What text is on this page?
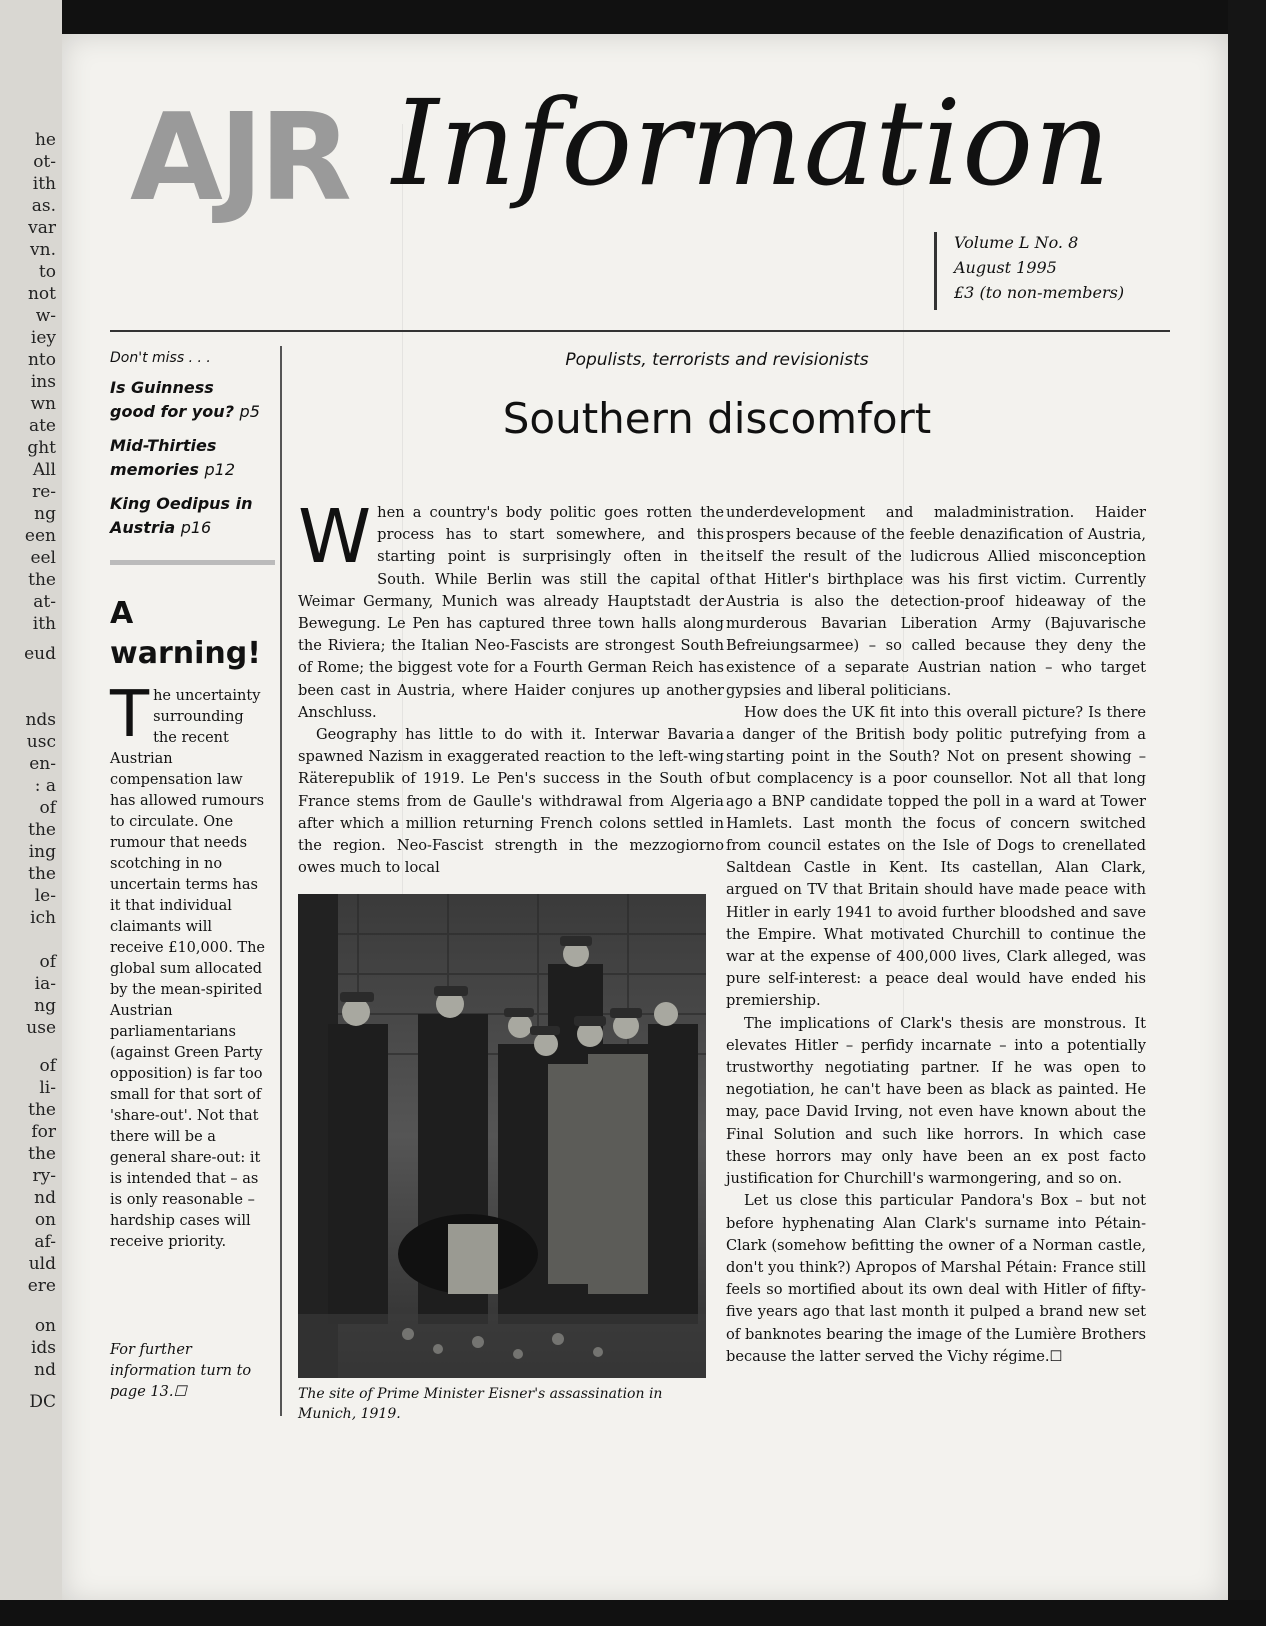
he
ot-
ith
as.
var
vn.
to
not
w-
iey
nto
ins
wn
ate
ght
All
re-
ng
een
eel
the
at-
ith
eud
nds
usc
en-
: a
of
the
ing
the
le-
ich
of
ia-
ng
use
of
li-
the
for
the
ry-
nd
on
af-
uld
ere
on
ids
nd
DC
AJR Information
Volume L No. 8
August 1995
£3 (to non-members)
Don't miss . . .
Is Guinness good for you? p5
Mid-Thirties memories p12
King Oedipus in Austria p16
A warning!
The uncertainty surrounding the recent Austrian compensation law has allowed rumours to circulate. One rumour that needs scotching in no uncertain terms has it that individual claimants will receive £10,000. The global sum allocated by the mean-spirited Austrian parliamentarians (against Green Party opposition) is far too small for that sort of 'share-out'. Not that there will be a general share-out: it is intended that – as is only reasonable – hardship cases will receive priority.
For further information turn to page 13.☐
Populists, terrorists and revisionists
Southern discomfort

When a country's body politic goes rotten the process has to start somewhere, and this starting point is surprisingly often in the South. While Berlin was still the capital of Weimar Germany, Munich was already Hauptstadt der Bewegung. Le Pen has captured three town halls along the Riviera; the Italian Neo-Fascists are strongest South of Rome; the biggest vote for a Fourth German Reich has been cast in Austria, where Haider conjures up another Anschluss.

Geography has little to do with it. Interwar Bavaria spawned Nazism in exaggerated reaction to the left-wing Räterepublik of 1919. Le Pen's success in the South of France stems from de Gaulle's withdrawal from Algeria after which a million returning French colons settled in the region. Neo-Fascist strength in the mezzogiorno owes much to local

underdevelopment and maladministration. Haider prospers because of the feeble denazification of Austria, itself the result of the ludicrous Allied misconception that Hitler's birthplace was his first victim. Currently Austria is also the detection-proof hideaway of the murderous Bavarian Liberation Army (Bajuvarische Befreiungsarmee) – so called because they deny the existence of a separate Austrian nation – who target gypsies and liberal politicians.

How does the UK fit into this overall picture? Is there a danger of the British body politic putrefying from a starting point in the South? Not on present showing – but complacency is a poor counsellor. Not all that long ago a BNP candidate topped the poll in a ward at Tower Hamlets. Last month the focus of concern switched from council estates on the Isle of Dogs to crenellated Saltdean Castle in Kent. Its castellan, Alan Clark, argued on TV that Britain should have made peace with Hitler in early 1941 to avoid further bloodshed and save the Empire. What motivated Churchill to continue the war at the expense of 400,000 lives, Clark alleged, was pure self-interest: a peace deal would have ended his premiership.

The implications of Clark's thesis are monstrous. It elevates Hitler – perfidy incarnate – into a potentially trustworthy negotiating partner. If he was open to negotiation, he can't have been as black as painted. He may, pace David Irving, not even have known about the Final Solution and such like horrors. In which case these horrors may only have been an ex post facto justification for Churchill's warmongering, and so on.

Let us close this particular Pandora's Box – but not before hyphenating Alan Clark's surname into Pétain-Clark (somehow befitting the owner of a Norman castle, don't you think?) Apropos of Marshal Pétain: France still feels so mortified about its own deal with Hitler of fifty-five years ago that last month it pulped a brand new set of banknotes bearing the image of the Lumière Brothers because the latter served the Vichy régime.☐

The site of Prime Minister Eisner's assassination in Munich, 1919.
